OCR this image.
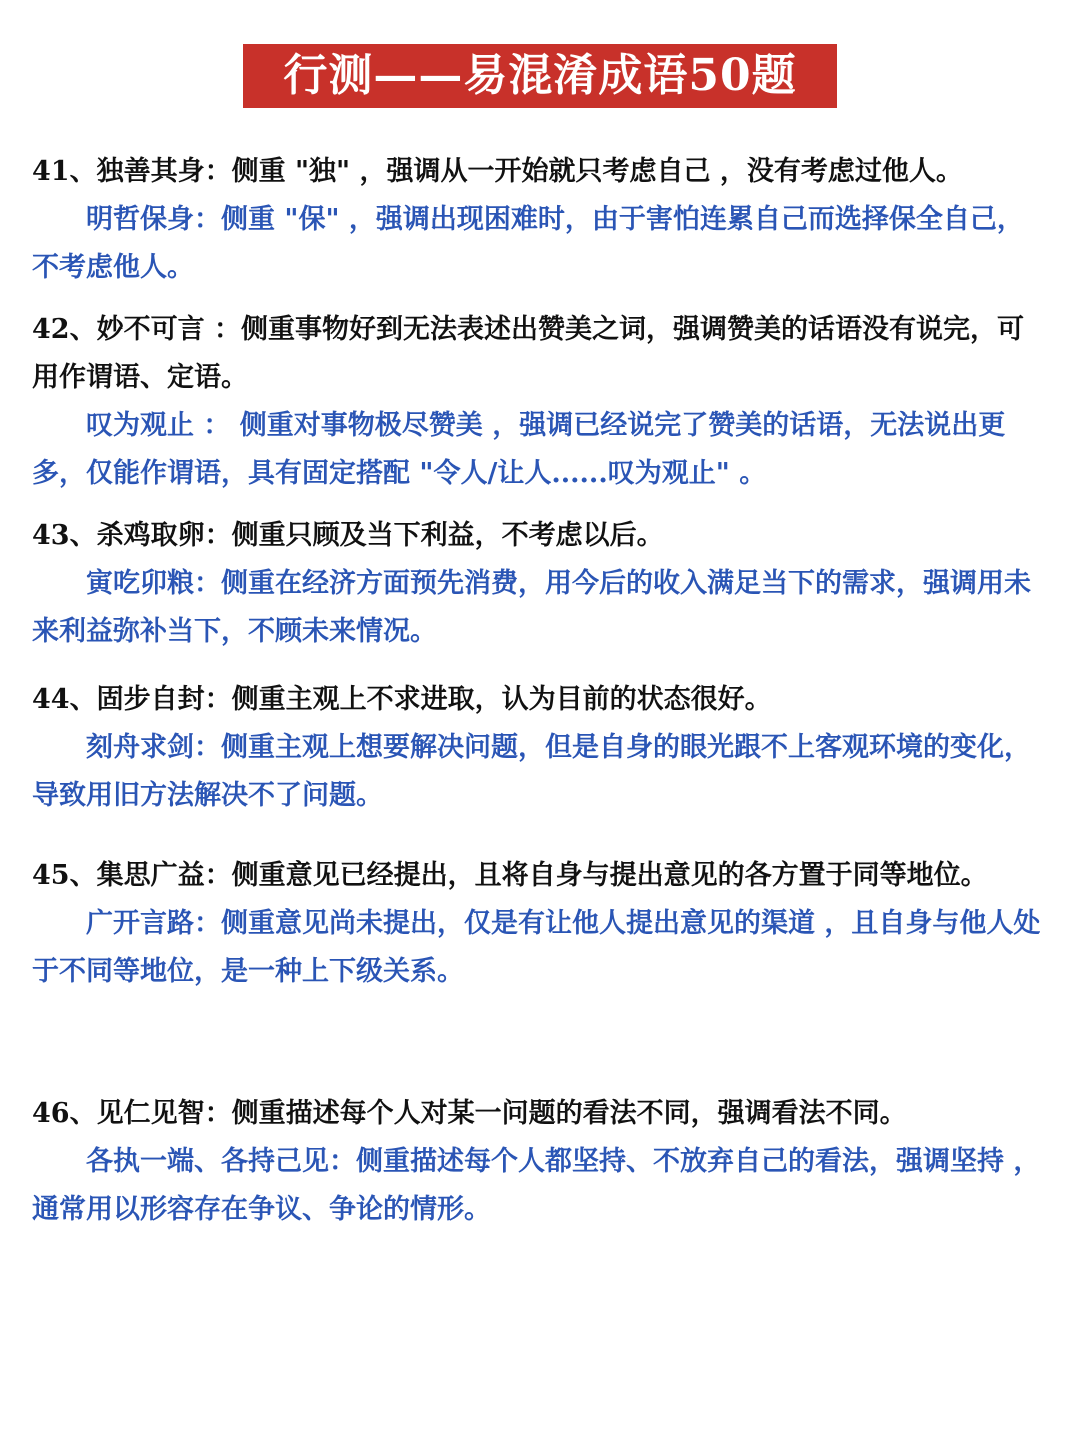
行测——易混淆成语50题

41、独善其身：侧重 "独" ，强调从一开始就只考虑自己 ，没有考虑过他人。

明哲保身：侧重 "保" ，强调出现困难时，由于害怕连累自己而选择保全自己，不考虑他人。

42、妙不可言 ：侧重事物好到无法表述出赞美之词，强调赞美的话语没有说完，可用作谓语、定语。

叹为观止 ： 侧重对事物极尽赞美 ，强调已经说完了赞美的话语，无法说出更多，仅能作谓语，具有固定搭配 "令人/让人......叹为观止" 。

43、杀鸡取卵：侧重只顾及当下利益，不考虑以后。

寅吃卯粮：侧重在经济方面预先消费，用今后的收入满足当下的需求，强调用未来利益弥补当下，不顾未来情况。

44、固步自封：侧重主观上不求进取，认为目前的状态很好。

刻舟求剑：侧重主观上想要解决问题，但是自身的眼光跟不上客观环境的变化，导致用旧方法解决不了问题。

45、集思广益：侧重意见已经提出，且将自身与提出意见的各方置于同等地位。

广开言路：侧重意见尚未提出，仅是有让他人提出意见的渠道 ，且自身与他人处于不同等地位，是一种上下级关系。

46、见仁见智：侧重描述每个人对某一问题的看法不同，强调看法不同。

各执一端、各持己见：侧重描述每个人都坚持、不放弃自己的看法，强调坚持 ，通常用以形容存在争议、争论的情形。
